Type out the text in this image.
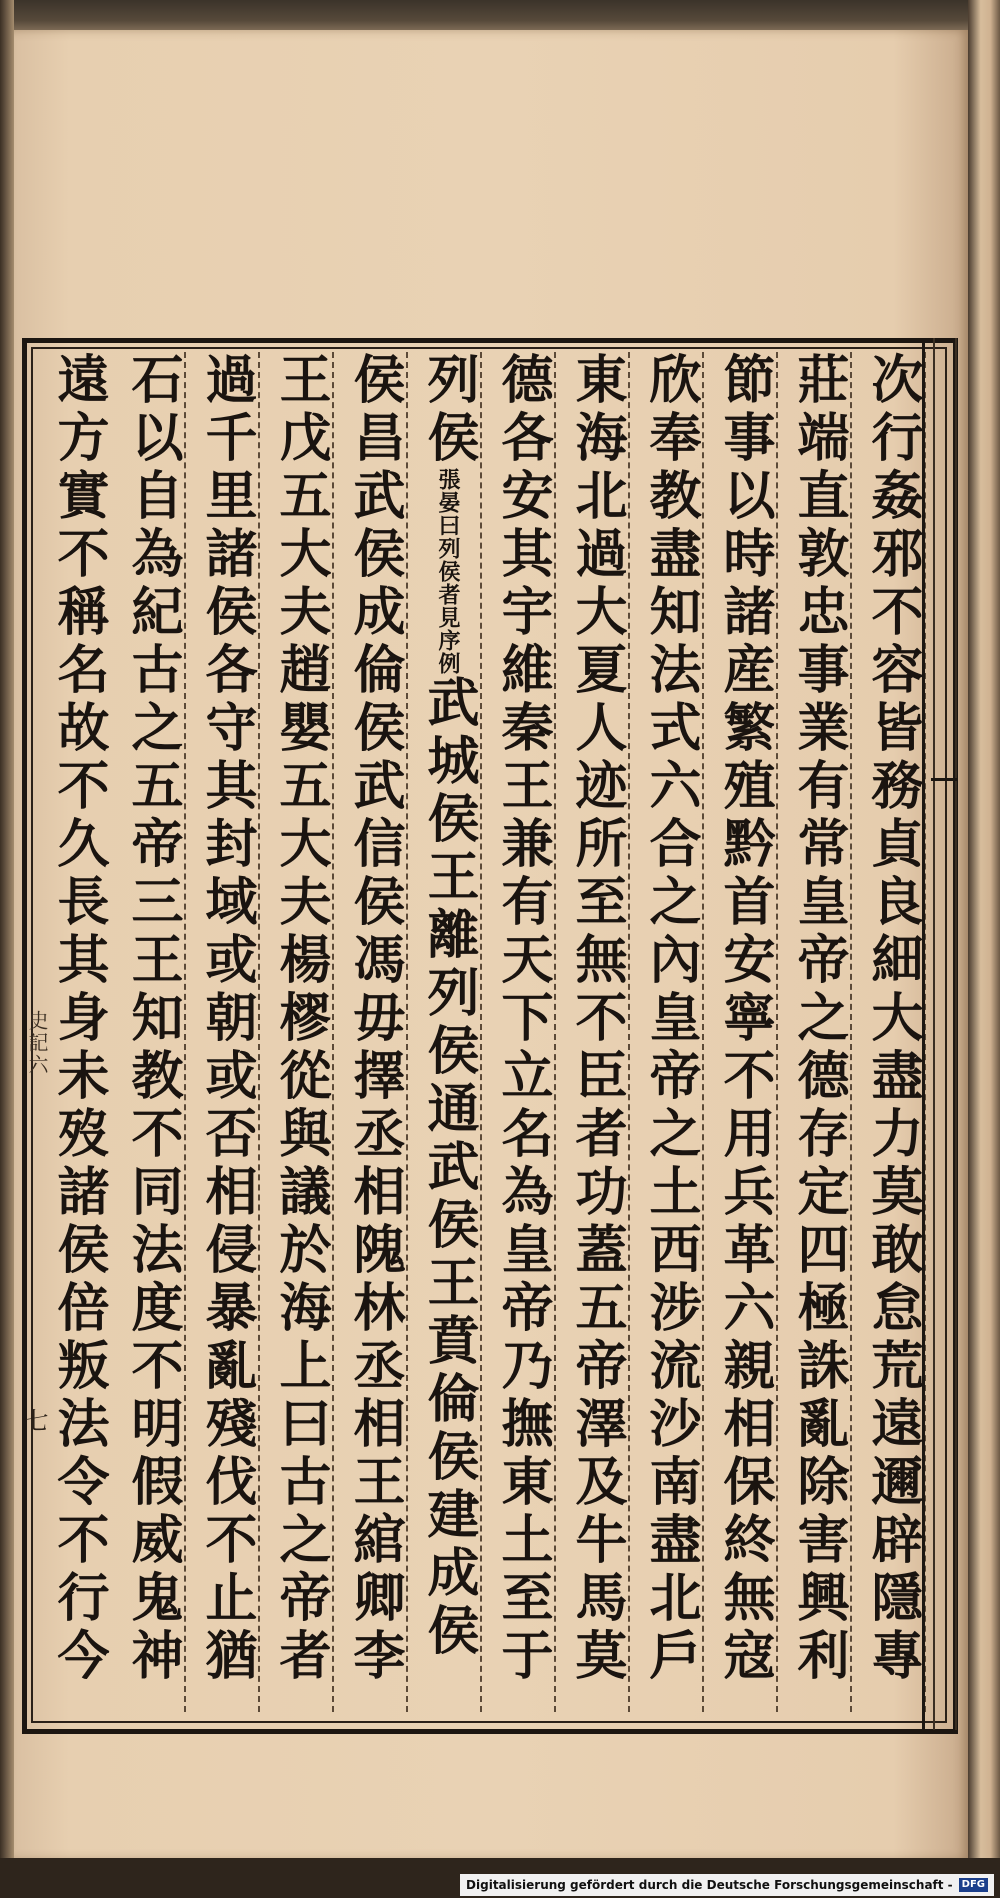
次行姦邪不容皆務貞良細大盡力莫敢怠荒遠邇辟隱專
莊端直敦忠事業有常皇帝之德存定四極誅亂除害興利
節事以時諸産繁殖黔首安寧不用兵革六親相保終無寇
欣奉教盡知法式六合之內皇帝之土西涉流沙南盡北戶
東海北過大夏人迹所至無不臣者功蓋五帝澤及牛馬莫
德各安其宇維秦王兼有天下立名為皇帝乃撫東土至于
列侯張晏曰列侯者見序例武城侯王離列侯通武侯王賁倫侯建成侯
侯昌武侯成倫侯武信侯馮毋擇丞相隗林丞相王綰卿李
王戊五大夫趙嬰五大夫楊樛從與議於海上曰古之帝者
過千里諸侯各守其封域或朝或否相侵暴亂殘伐不止猶
石以自為紀古之五帝三王知教不同法度不明假威鬼神
遠方實不稱名故不久長其身未歿諸侯倍叛法令不行今
史記六
七
Digitalisierung gefördert durch die Deutsche Forschungsgemeinschaft - DFG
